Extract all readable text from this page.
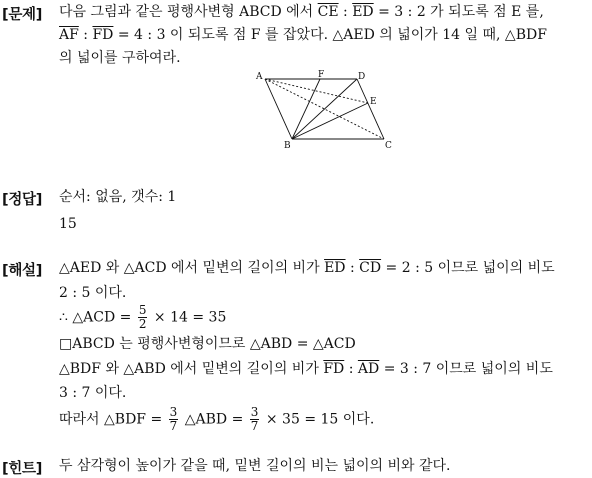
[문제] 다음 그림과 같은 평행사변형 ABCD 에서 $\overline{CE}$ : $\overline{ED} = 3$ : 2 가 되도록 점 E 를,
$\overline{AF}$ : $\overline{FD} = 4$ : 3 이 되도록 점 F 를 잡았다. △AED 의 넓이가 14 일 때, △BDF
의 넓이를 구하여라.
A	F	D
E
B	C
[정답] 순서: 없음, 갯수: 1
15
[해설] △AED 와 △ACD 에서 밑변의 길이의 비가 $\overline{ED}$ : $\overline{CD} = 2$ : 5 이므로 넓이의 비도
2 : 5 이다.
∴ △ACD = $\frac{5}{2} \times 14 = 35$
□ABCD 는 평행사변형이므로 △ABD = △ACD
△BDF 와 △ABD 에서 밑변의 길이의 비가 $\overline{FD}$ : $\overline{AD} = 3$ : 7 이므로 넓이의 비도
3 : 7 이다.
따라서 △BDF = $\frac{3}{7}$ △ABD = $\frac{3}{7} \times 35 = 15$ 이다.
[힌트] 두 삼각형이 높이가 같을 때, 밑변 길이의 비는 넓이의 비와 같다.
